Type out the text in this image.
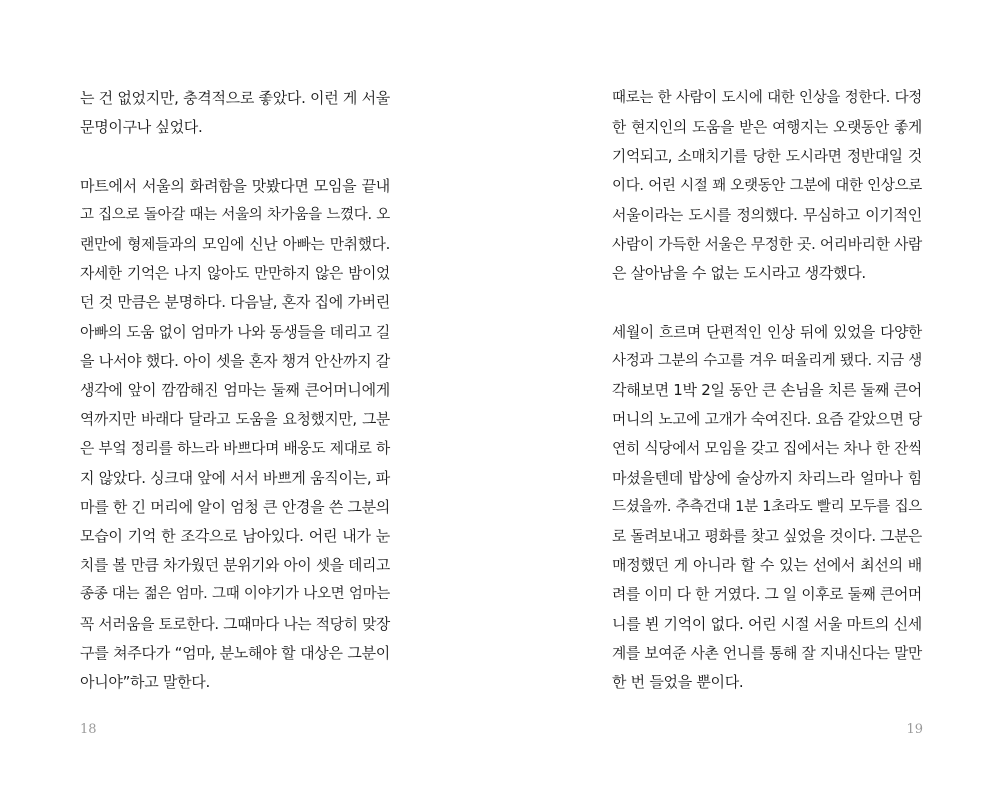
는 건 없었지만, 충격적으로 좋았다. 이런 게 서울
문명이구나 싶었다.

마트에서 서울의 화려함을 맛봤다면 모임을 끝내
고 집으로 돌아갈 때는 서울의 차가움을 느꼈다. 오
랜만에 형제들과의 모임에 신난 아빠는 만취했다.
자세한 기억은 나지 않아도 만만하지 않은 밤이었
던 것 만큼은 분명하다. 다음날, 혼자 집에 가버린
아빠의 도움 없이 엄마가 나와 동생들을 데리고 길
을 나서야 했다. 아이 셋을 혼자 챙겨 안산까지 갈
생각에 앞이 깜깜해진 엄마는 둘째 큰어머니에게
역까지만 바래다 달라고 도움을 요청했지만, 그분
은 부엌 정리를 하느라 바쁘다며 배웅도 제대로 하
지 않았다. 싱크대 앞에 서서 바쁘게 움직이는, 파
마를 한 긴 머리에 알이 엄청 큰 안경을 쓴 그분의
모습이 기억 한 조각으로 남아있다. 어린 내가 눈
치를 볼 만큼 차가웠던 분위기와 아이 셋을 데리고
종종 대는 젊은 엄마. 그때 이야기가 나오면 엄마는
꼭 서러움을 토로한다. 그때마다 나는 적당히 맞장
구를 쳐주다가 “엄마, 분노해야 할 대상은 그분이
아니야”하고 말한다.

때로는 한 사람이 도시에 대한 인상을 정한다. 다정
한 현지인의 도움을 받은 여행지는 오랫동안 좋게
기억되고, 소매치기를 당한 도시라면 정반대일 것
이다. 어린 시절 꽤 오랫동안 그분에 대한 인상으로
서울이라는 도시를 정의했다. 무심하고 이기적인
사람이 가득한 서울은 무정한 곳. 어리바리한 사람
은 살아남을 수 없는 도시라고 생각했다.

세월이 흐르며 단편적인 인상 뒤에 있었을 다양한
사정과 그분의 수고를 겨우 떠올리게 됐다. 지금 생
각해보면 1박 2일 동안 큰 손님을 치른 둘째 큰어
머니의 노고에 고개가 숙여진다. 요즘 같았으면 당
연히 식당에서 모임을 갖고 집에서는 차나 한 잔씩
마셨을텐데 밥상에 술상까지 차리느라 얼마나 힘
드셨을까. 추측건대 1분 1초라도 빨리 모두를 집으
로 돌려보내고 평화를 찾고 싶었을 것이다. 그분은
매정했던 게 아니라 할 수 있는 선에서 최선의 배
려를 이미 다 한 거였다. 그 일 이후로 둘째 큰어머
니를 뵌 기억이 없다. 어린 시절 서울 마트의 신세
계를 보여준 사촌 언니를 통해 잘 지내신다는 말만
한 번 들었을 뿐이다.

18	19
